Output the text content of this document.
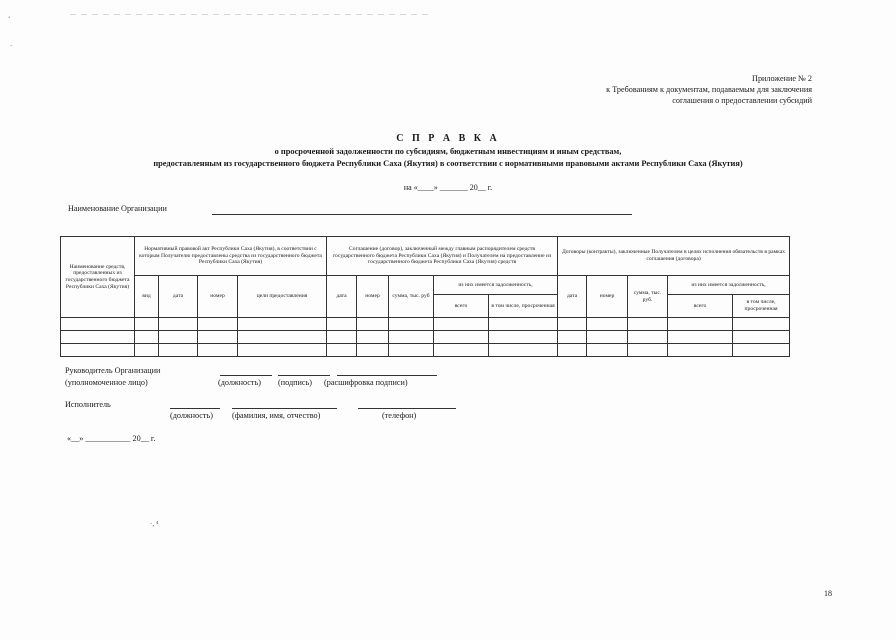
‘
·
·, ⁴
Приложение № 2
к Требованиям к документам, подаваемым для заключения
соглашения о предоставлении субсидий
С П Р А В К А
о просроченной задолженности по субсидиям, бюджетным инвестициям и иным средствам,
предоставленным из государственного бюджета Республики Саха (Якутия) в соответствии с нормативными правовыми актами Республики Саха (Якутия)
на «____» _______ 20__ г.
Наименование Организации
Наименование средств, предоставленных из государственного бюджета Республики Саха (Якутия)	Нормативный правовой акт Республики Саха (Якутия), в соответствии с которым Получателю предоставлены средства из государственного бюджета Республики Саха (Якутия)				Соглашение (договор), заключенный между главным распорядителем средств государственного бюджета Республики Саха (Якутия) и Получателем на предоставление из государственного бюджета Республики Саха (Якутия) средств					Договоры (контракты), заключенные Получателем в целях исполнения обязательств в рамках соглашения (договора)				
	вид	дата	номер	цели предоставления	дата	номер	сумма, тыс. руб	из них имеется задолженность,		дата	номер	сумма, тыс. руб.	из них имеется задолженность,	
								всего	в том числе, просроченная				всего	в том числе, просроченная

Руководитель Организации
(уполномоченное лицо)	(должность) (подпись) (расшифровка подписи)
Исполнитель
(должность) (фамилия, имя, отчество)	(телефон)
«__» ___________ 20__ г.
18
